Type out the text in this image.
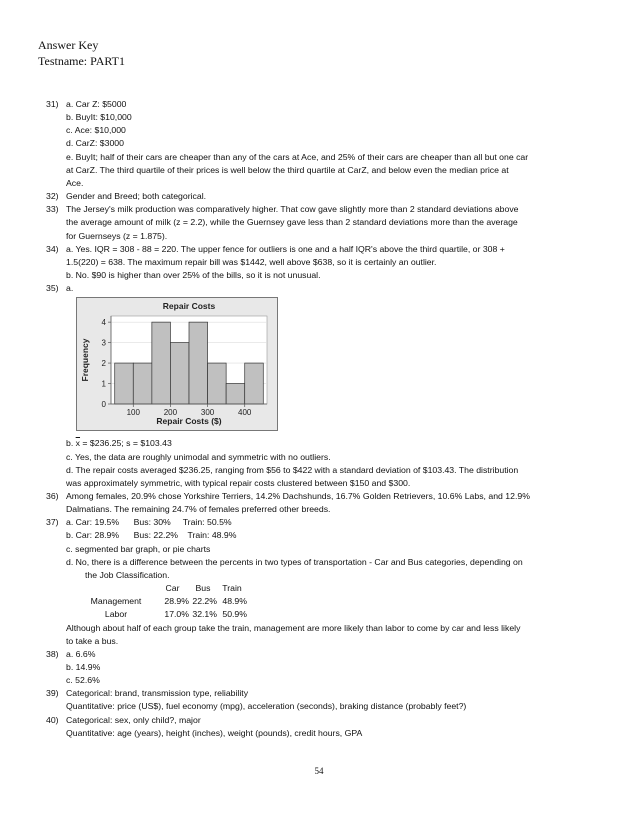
Answer Key
Testname: PART1
31) a. Car Z: $5000
b. BuyIt: $10,000
c. Ace: $10,000
d. CarZ: $3000
e. BuyIt; half of their cars are cheaper than any of the cars at Ace, and 25% of their cars are cheaper than all but one car
at CarZ. The third quartile of their prices is well below the third quartile at CarZ, and below even the median price at
Ace.
32) Gender and Breed; both categorical.
33) The Jersey's milk production was comparatively higher. That cow gave slightly more than 2 standard deviations above
the average amount of milk (z = 2.2), while the Guernsey gave less than 2 standard deviations more than the average
for Guernseys (z = 1.875).
34) a. Yes. IQR = 308 - 88 = 220. The upper fence for outliers is one and a half IQR's above the third quartile, or 308 +
1.5(220) = 638. The maximum repair bill was $1442, well above $638, so it is certainly an outlier.
b. No. $90 is higher than over 25% of the bills, so it is not unusual.
35) a.
0
1
2
3
4
100	200	300	400
Repair Costs
Repair Costs ($)
Frequency
b. $\overline{x}$ = $236.25; s = $103.43
c. Yes, the data are roughly unimodal and symmetric with no outliers.
d. The repair costs averaged $236.25, ranging from $56 to $422 with a standard deviation of $103.43. The distribution
was approximately symmetric, with typical repair costs clustered between $150 and $300.
36) Among females, 20.9% chose Yorkshire Terriers, 14.2% Dachshunds, 16.7% Golden Retrievers, 10.6% Labs, and 12.9%
Dalmatians. The remaining 24.7% of females preferred other breeds.
37) a. Car: 19.5%      Bus: 30%     Train: 50.5%
b. Car: 28.9%      Bus: 22.2%    Train: 48.9%
c. segmented bar graph, or pie charts
d. No, there is a difference between the percents in two types of transportation - Car and Bus categories, depending on
the Job Classification.
Car	Bus	Train
Management	28.9% 22.2% 48.9%
Labor	17.0% 32.1% 50.9%
Although about half of each group take the train, management are more likely than labor to come by car and less likely
to take a bus.
38) a. 6.6%
b. 14.9%
c. 52.6%
39) Categorical: brand, transmission type, reliability
Quantitative: price (US$), fuel economy (mpg), acceleration (seconds), braking distance (probably feet?)
40) Categorical: sex, only child?, major
Quantitative: age (years), height (inches), weight (pounds), credit hours, GPA
54
